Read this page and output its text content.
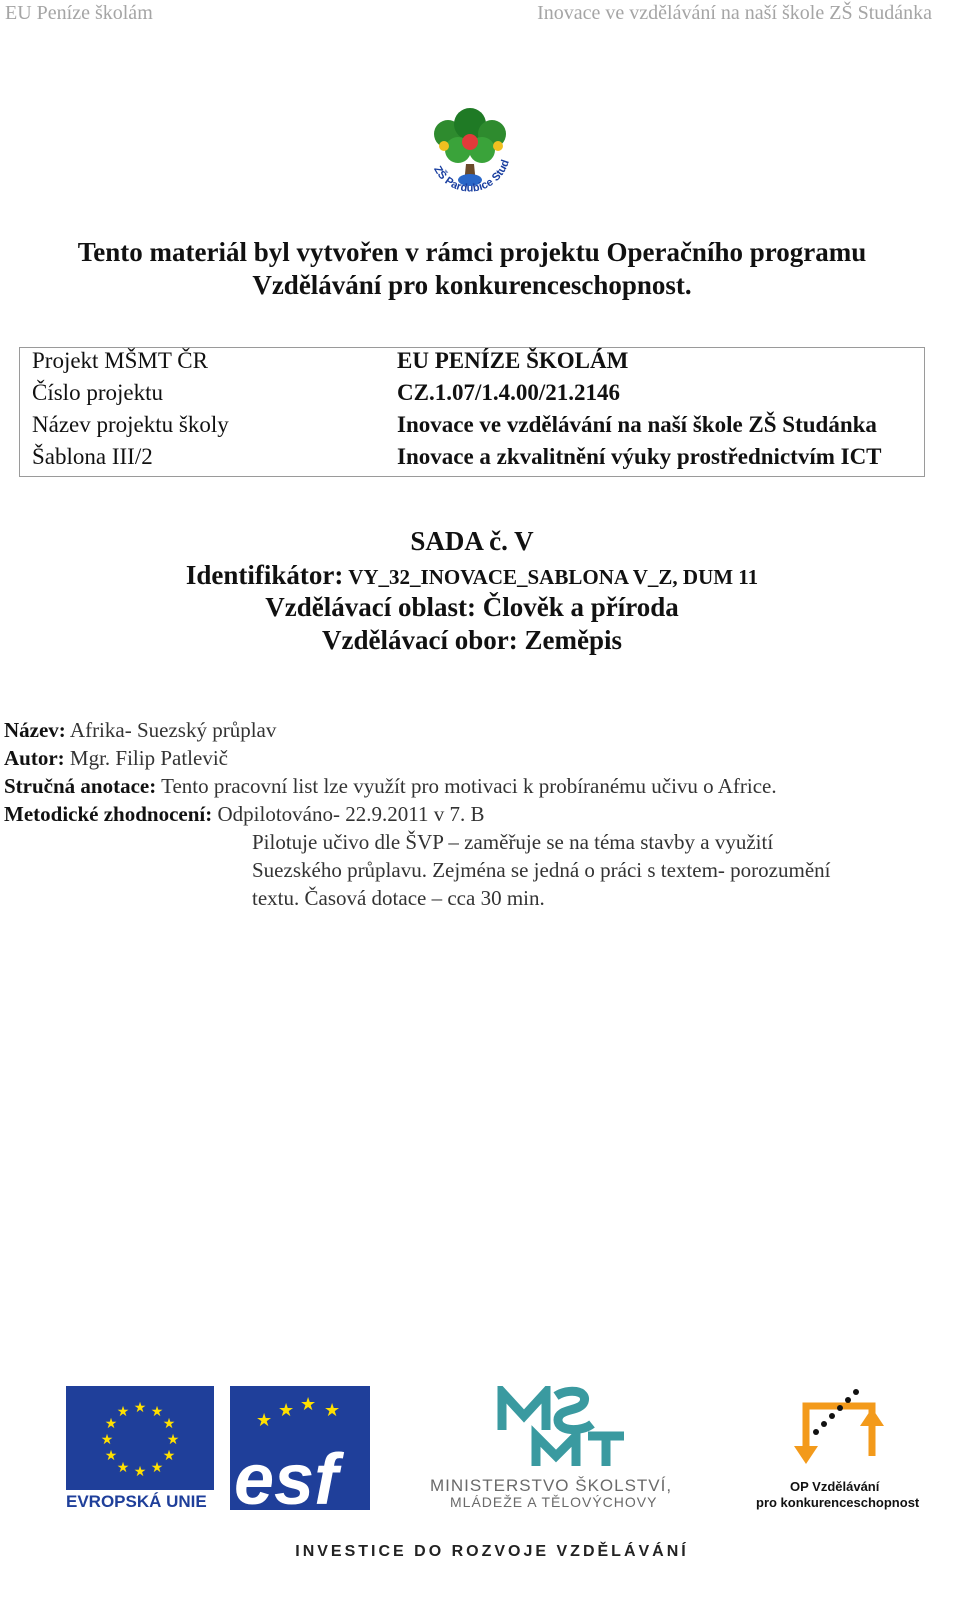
EU Peníze školám	Inovace ve vzdělávání na naší škole ZŠ Studánka
ZŠ Pardubice Stud
Tento materiál byl vytvořen v rámci projektu Operačního programu
Vzdělávání pro konkurenceschopnost.
Projekt MŠMT ČR	EU PENÍZE ŠKOLÁM
Číslo projektu	CZ.1.07/1.4.00/21.2146
Název projektu školy	Inovace ve vzdělávání na naší škole ZŠ Studánka
Šablona III/2	Inovace a zkvalitnění výuky prostřednictvím ICT
SADA č. V
Identifikátor: VY_32_INOVACE_SABLONA V_Z, DUM 11
Vzdělávací oblast: Člověk a příroda
Vzdělávací obor: Zeměpis
Název: Afrika- Suezský průplav
Autor: Mgr. Filip Patlevič
Stručná anotace: Tento pracovní list lze využít pro motivaci k probíranému učivu o Africe.
Metodické zhodnocení: Odpilotováno- 22.9.2011 v 7. B
Pilotuje učivo dle ŠVP – zaměřuje se na téma stavby a využití
Suezského průplavu. Zejména se jedná o práci s textem- porozumění
textu. Časová dotace – cca 30 min.
★ ★
★
★
★
★
★
★
★
★
★
★
EVROPSKÁ UNIE
★ ★ ★ ★
esf	MINISTERSTVO ŠKOLSTVÍ,
MLÁDEŽE A TĚLOVÝCHOVY
OP Vzdělávání
pro konkurenceschopnost
INVESTICE DO ROZVOJE VZDĚLÁVÁNÍ
